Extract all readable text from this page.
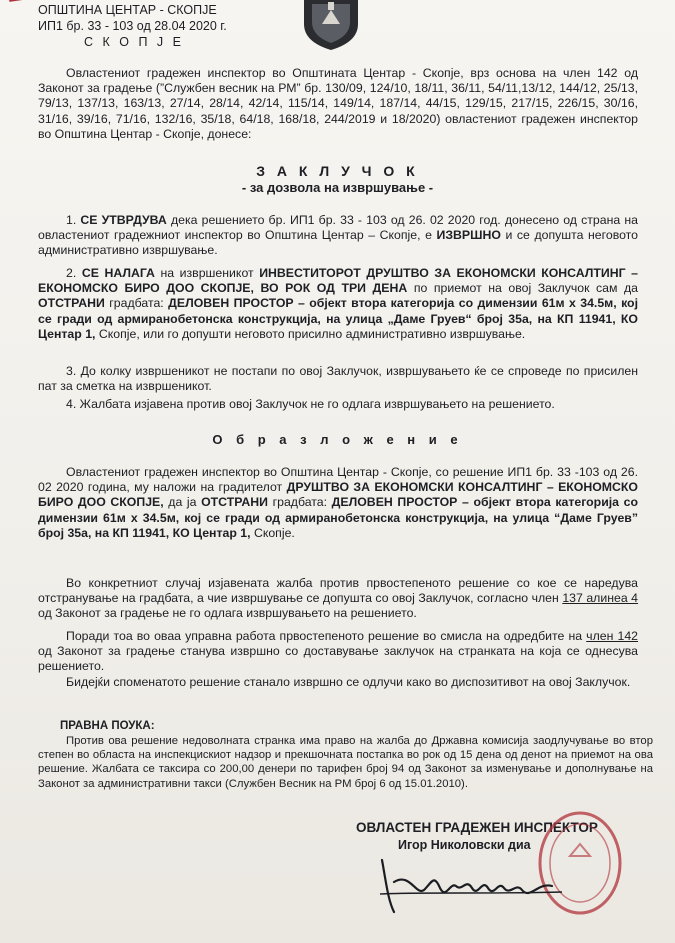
ОПШТИНА ЦЕНТАР - СКОПЈЕ
ИП1 бр. 33 - 103 од 28.04 2020 г.
С К О П Ј Е

Овластениот градежен инспектор во Општината Центар - Скопје, врз основа на член 142 од Законот за градење (”Службен весник на РМ” бр. 130/09, 124/10, 18/11, 36/11, 54/11,13/12, 144/12, 25/13, 79/13, 137/13, 163/13, 27/14, 28/14, 42/14, 115/14, 149/14, 187/14, 44/15, 129/15, 217/15, 226/15, 30/16, 31/16, 39/16, 71/16, 132/16, 35/18, 64/18, 168/18, 244/2019 и 18/2020) овластениот градежен инспектор во Општина Центар - Скопје, донесе:

З А К Л У Ч О К
- за дозвола на извршување -

1. СЕ УТВРДУВА дека решението бр. ИП1 бр. 33 - 103 од 26. 02 2020 год. донесено од страна на овластениот градежниот инспектор во Општина Центар – Скопје, е ИЗВРШНО и се допушта неговото административно извршување.

2. СЕ НАЛАГА на извршеникот ИНВЕСТИТОРОТ ДРУШТВО ЗА ЕКОНОМСКИ КОНСАЛТИНГ – ЕКОНОМСКО БИРО ДОО СКОПЈЕ, ВО РОК ОД ТРИ ДЕНА по приемот на овој Заклучок сам да ОТСТРАНИ градбата: ДЕЛОВЕН ПРОСТОР – објект втора категорија со димензии 61м х 34.5м, кој се гради од армиранобетонска конструкција, на улица „Даме Груев“ број 35а, на КП 11941, КО Центар 1, Скопје, или го допушти неговото присилно административно извршување.

3. До колку извршеникот не постапи по овој Заклучок, извршувањето ќе се спроведе по присилен пат за сметка на извршеникот.

4. Жалбата изјавена против овој Заклучок не го одлага извршувањето на решението.

О б р а з л о ж е н и е

Овластениот градежен инспектор во Општина Центар - Скопје, со решение ИП1 бр. 33 -103 од 26. 02 2020 година, му наложи на градителот ДРУШТВО ЗА ЕКОНОМСКИ КОНСАЛТИНГ – ЕКОНОМСКО БИРО ДОО СКОПЈЕ, да ја ОТСТРАНИ градбата: ДЕЛОВЕН ПРОСТОР – објект втора категорија со димензии 61м х 34.5м, кој се гради од армиранобетонска конструкција, на улица “Даме Груев” број 35а, на КП 11941, КО Центар 1, Скопје.

Во конкретниот случај изјавената жалба против првостепеното решение со кое се наредува отстранување на градбата, а чие извршување се допушта со овој Заклучок, согласно член 137 алинеа 4 од Законот за градење не го одлага извршувањето на решението.

Поради тоа во оваа управна работа првостепеното решение во смисла на одредбите на член 142 од Законот за градење станува извршно со доставување заклучок на странката на која се однесува решението.

Бидејќи споменатото решение станало извршно се одлучи како во диспозитивот на овој Заклучок.

ПРАВНА ПОУКА:

Против ова решение недоволната странка има право на жалба до Државна комисија заодлучување во втор степен во областа на инспекцискиот надзор и прекшочната постапка во рок од 15 дена од денот на приемот на ова решение. Жалбата се таксира со 200,00 денери по тарифен број 94 од Законот за изменување и дополнување на Законот за административни такси (Службен Весник на РМ број 6 од 15.01.2010).

ОВЛАСТЕН ГРАДЕЖЕН ИНСПЕКТОР
Игор Николовски диа
